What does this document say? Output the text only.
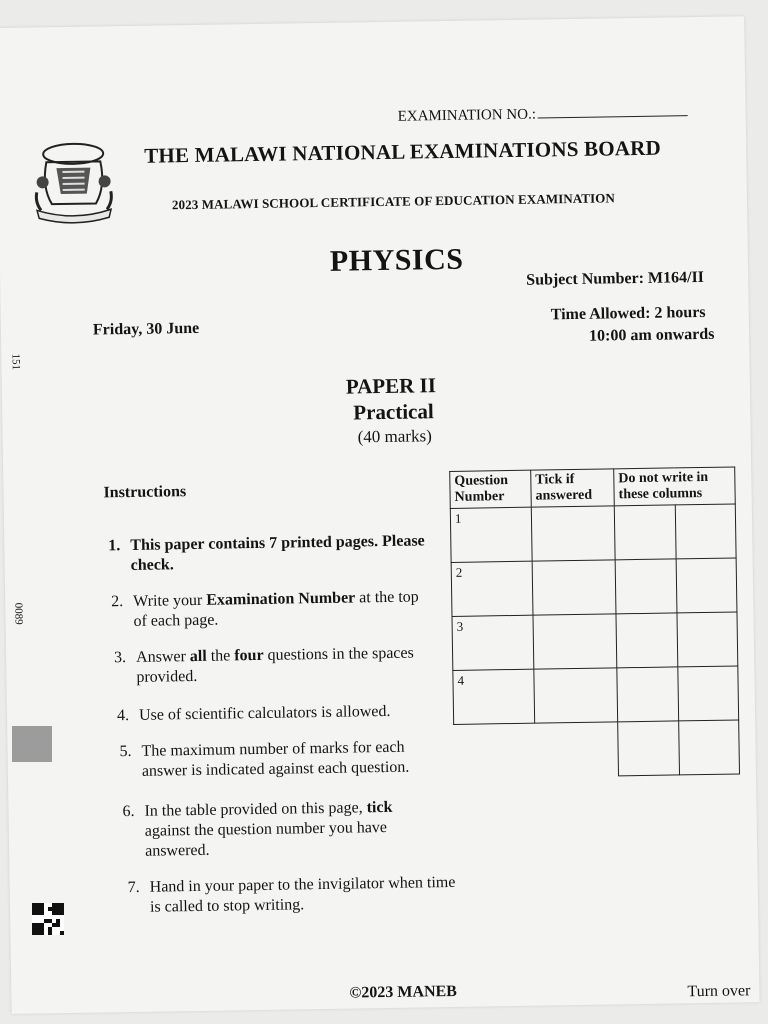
EXAMINATION NO.:
THE MALAWI NATIONAL EXAMINATIONS BOARD
2023 MALAWI SCHOOL CERTIFICATE OF EDUCATION EXAMINATION
PHYSICS
Subject Number: M164/II
Friday, 30 June
Time Allowed: 2 hours
10:00 am onwards
151
0089
PAPER II
Practical
(40 marks)
Instructions
1. This paper contains 7 printed pages. Please check.
2. Write your Examination Number at the top of each page.
3. Answer all the four questions in the spaces provided.
4. Use of scientific calculators is allowed.
5. The maximum number of marks for each answer is indicated against each question.
6. In the table provided on this page, tick against the question number you have answered.
7. Hand in your paper to the invigilator when time is called to stop writing.
Question Number	Tick if answered	Do not write in these columns	
1			
2			
3			
4			

©2023 MANEB	Turn over
